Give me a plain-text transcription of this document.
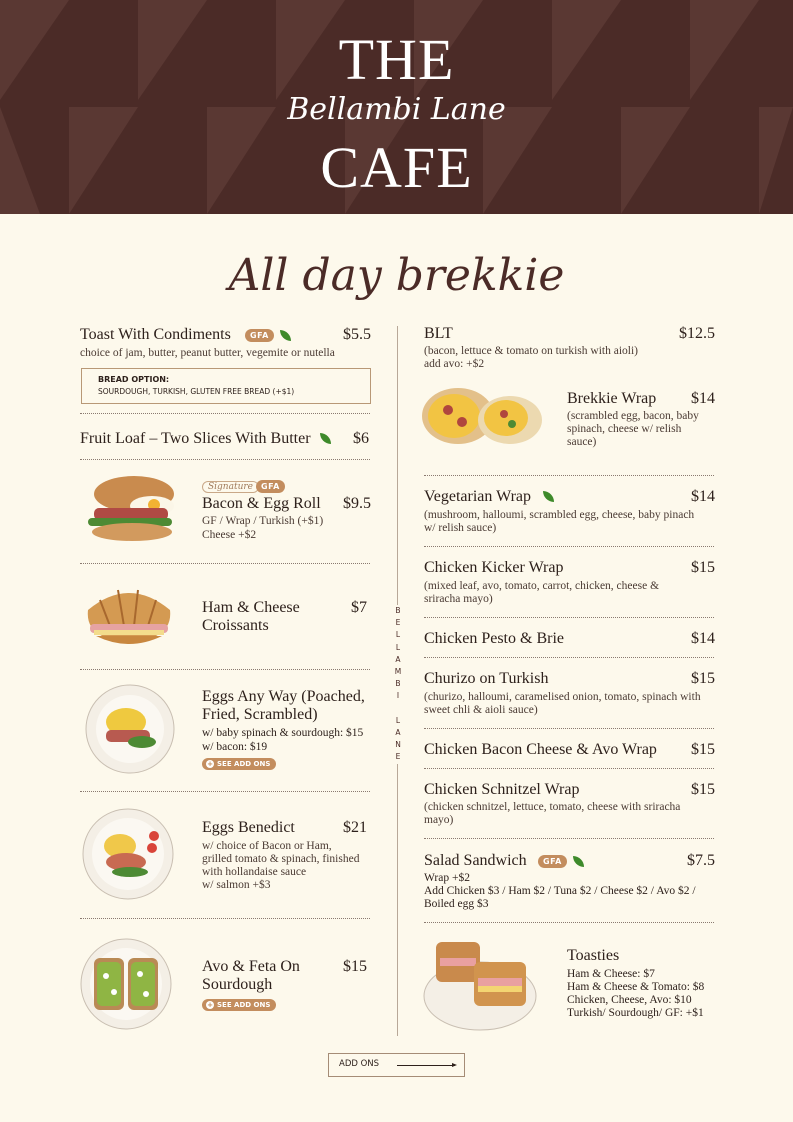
THE
Bellambi Lane
CAFE
All day brekkie
Toast With Condiments	GFA	$5.5
choice of jam, butter, peanut butter, vegemite or nutella
BREAD OPTION:
SOURDOUGH, TURKISH, GLUTEN FREE BREAD (+$1)
Fruit Loaf – Two Slices With Butter	$6
Signature GFA
Bacon & Egg Roll $9.5
GF / Wrap / Turkish (+$1)
Cheese +$2
Ham & Cheese Croissants
$7
Eggs Any Way (Poached, Fried, Scrambled)
w/ baby spinach & sourdough: $15
w/ bacon: $19
+ SEE ADD ONS
Eggs Benedict	$21
w/ choice of Bacon or Ham,
grilled tomato & spinach, finished
with hollandaise sauce
w/ salmon +$3
Avo & Feta On Sourdough
$15
+ SEE ADD ONS
B
E
L
L
A
M
B
I

L
A
N
E
BLT	$12.5
(bacon, lettuce & tomato on turkish with aioli)
add avo: +$2
Brekkie Wrap $14
(scrambled egg, bacon, baby
spinach, cheese w/ relish
sauce)
Vegetarian Wrap	$14
(mushroom, halloumi, scrambled egg, cheese, baby pinach
w/ relish sauce)
Chicken Kicker Wrap	$15
(mixed leaf, avo, tomato, carrot, chicken, cheese &
sriracha mayo)
Chicken Pesto & Brie	$14
Churizo on Turkish	$15
(churizo, halloumi, caramelised onion, tomato, spinach with
sweet chli & aioli sauce)
Chicken Bacon Cheese & Avo Wrap $15
Chicken Schnitzel Wrap	$15
(chicken schnitzel, lettuce, tomato, cheese with sriracha
mayo)
Salad Sandwich	GFA	$7.5
Wrap +$2
Add Chicken $3 / Ham $2 / Tuna $2 / Cheese $2 / Avo $2 /
Boiled egg $3
Toasties
Ham & Cheese: $7
Ham & Cheese & Tomato: $8
Chicken, Cheese, Avo: $10
Turkish/ Sourdough/ GF: +$1
ADD ONS
